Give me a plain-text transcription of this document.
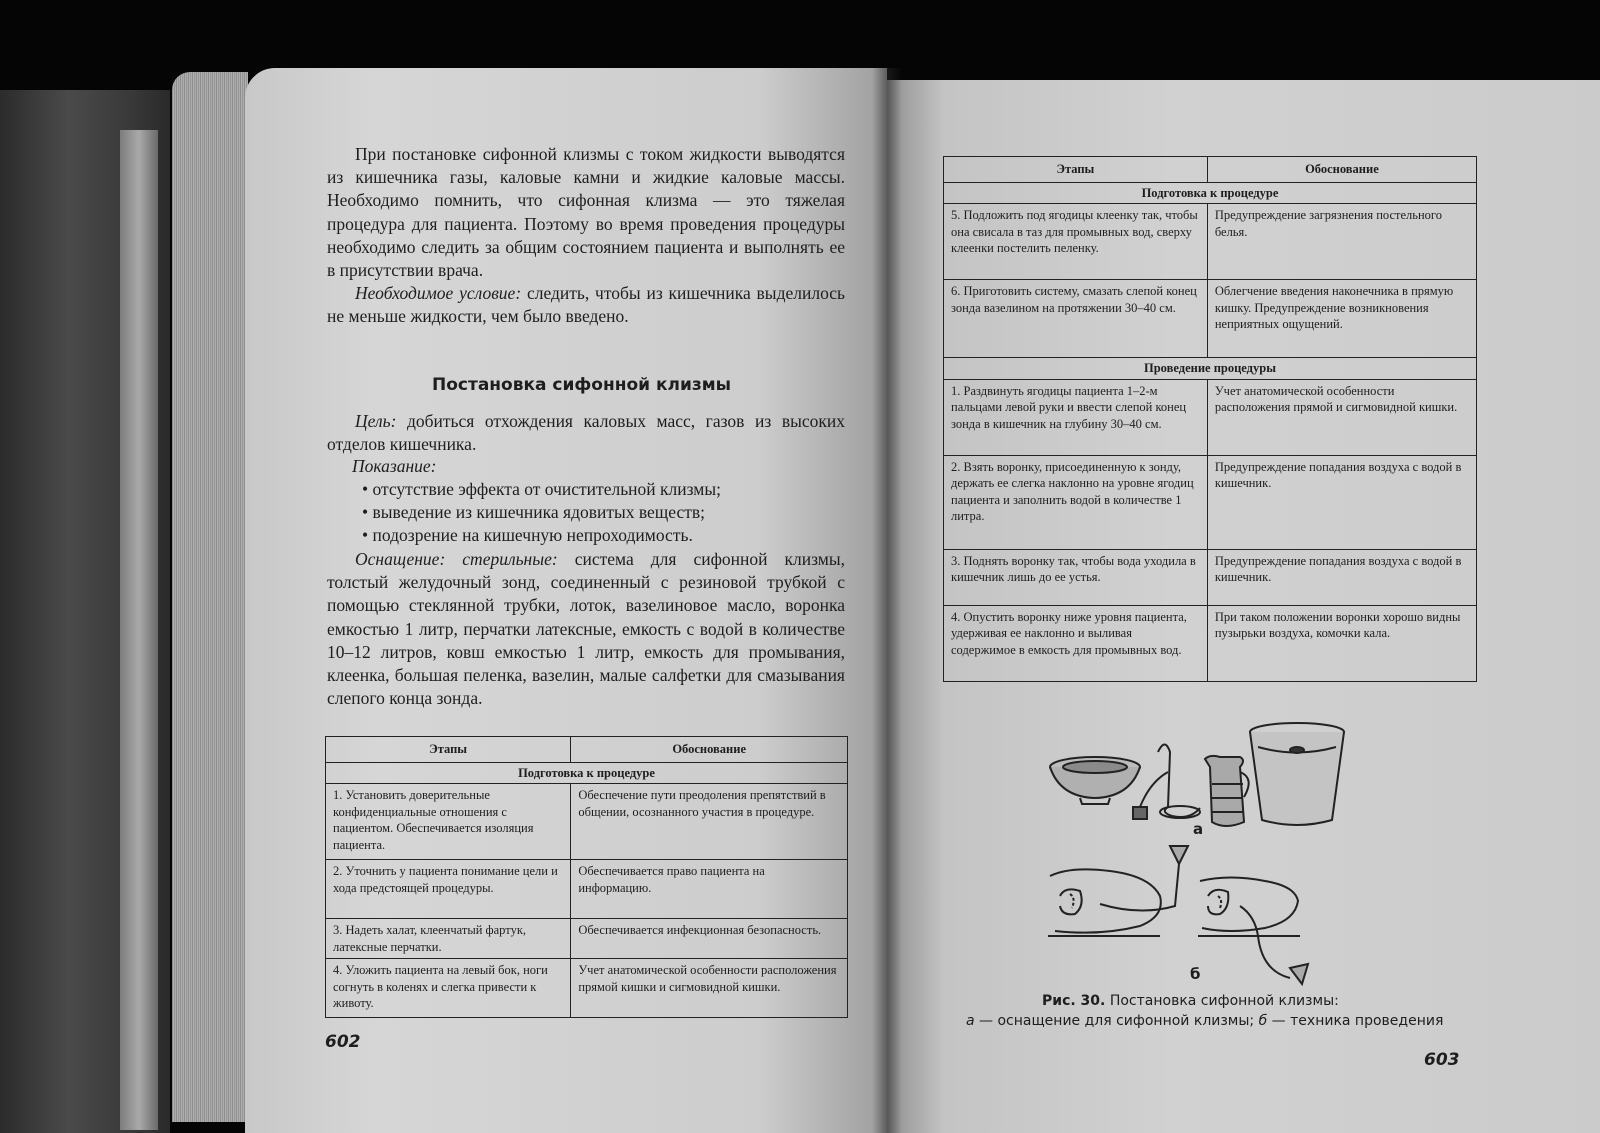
При постановке сифонной клизмы с током жидкости выводятся из кишечника газы, каловые камни и жидкие каловые массы. Необходимо помнить, что сифонная клизма — это тяжелая процедура для пациента. Поэтому во время проведения процедуры необходимо следить за общим состоянием пациента и выполнять ее в присутствии врача.

Необходимое условие: следить, чтобы из кишечника выделилось не меньше жидкости, чем было введено.

Постановка сифонной клизмы

Цель: добиться отхождения каловых масс, газов из высоких отделов кишечника.

Показание:
• отсутствие эффекта от очистительной клизмы;
• выведение из кишечника ядовитых веществ;
• подозрение на кишечную непроходимость.

Оснащение: стерильные: система для сифонной клизмы, толстый желудочный зонд, соединенный с резиновой трубкой с помощью стеклянной трубки, лоток, вазелиновое масло, воронка емкостью 1 литр, перчатки латексные, емкость с водой в количестве 10–12 литров, ковш емкостью 1 литр, емкость для промывания, клеенка, большая пеленка, вазелин, малые салфетки для смазывания слепого конца зонда.

Этапы	Обоснование
Подготовка к процедуре	
1. Установить доверительные конфиденциальные отношения с пациентом. Обеспечивается изоляция пациента.	Обеспечение пути преодоления препятствий в общении, осознанного участия в процедуре.
2. Уточнить у пациента понимание цели и хода предстоящей процедуры.	Обеспечивается право пациента на информацию.
3. Надеть халат, клеенчатый фартук, латексные перчатки.	Обеспечивается инфекционная безопасность.
4. Уложить пациента на левый бок, ноги согнуть в коленях и слегка привести к животу.	Учет анатомической особенности расположения прямой кишки и сигмовидной кишки.
602
Этапы	Обоснование
Подготовка к процедуре	
5. Подложить под ягодицы клеенку так, чтобы она свисала в таз для промывных вод, сверху клеенки постелить пеленку.	Предупреждение загрязнения постельного белья.
6. Приготовить систему, смазать слепой конец зонда вазелином на протяжении 30–40 см.	Облегчение введения наконечника в прямую кишку. Предупреждение возникновения неприятных ощущений.
Проведение процедуры	
1. Раздвинуть ягодицы пациента 1–2-м пальцами левой руки и ввести слепой конец зонда в кишечник на глубину 30–40 см.	Учет анатомической особенности расположения прямой и сигмовидной кишки.
2. Взять воронку, присоединенную к зонду, держать ее слегка наклонно на уровне ягодиц пациента и заполнить водой в количестве 1 литра.	Предупреждение попадания воздуха с водой в кишечник.
3. Поднять воронку так, чтобы вода уходила в кишечник лишь до ее устья.	Предупреждение попадания воздуха с водой в кишечник.
4. Опустить воронку ниже уровня пациента, удерживая ее наклонно и выливая содержимое в емкость для промывных вод.	При таком положении воронки хорошо видны пузырьки воздуха, комочки кала.
а
б
Рис. 30. Постановка сифонной клизмы:
а — оснащение для сифонной клизмы; б — техника проведения
603
